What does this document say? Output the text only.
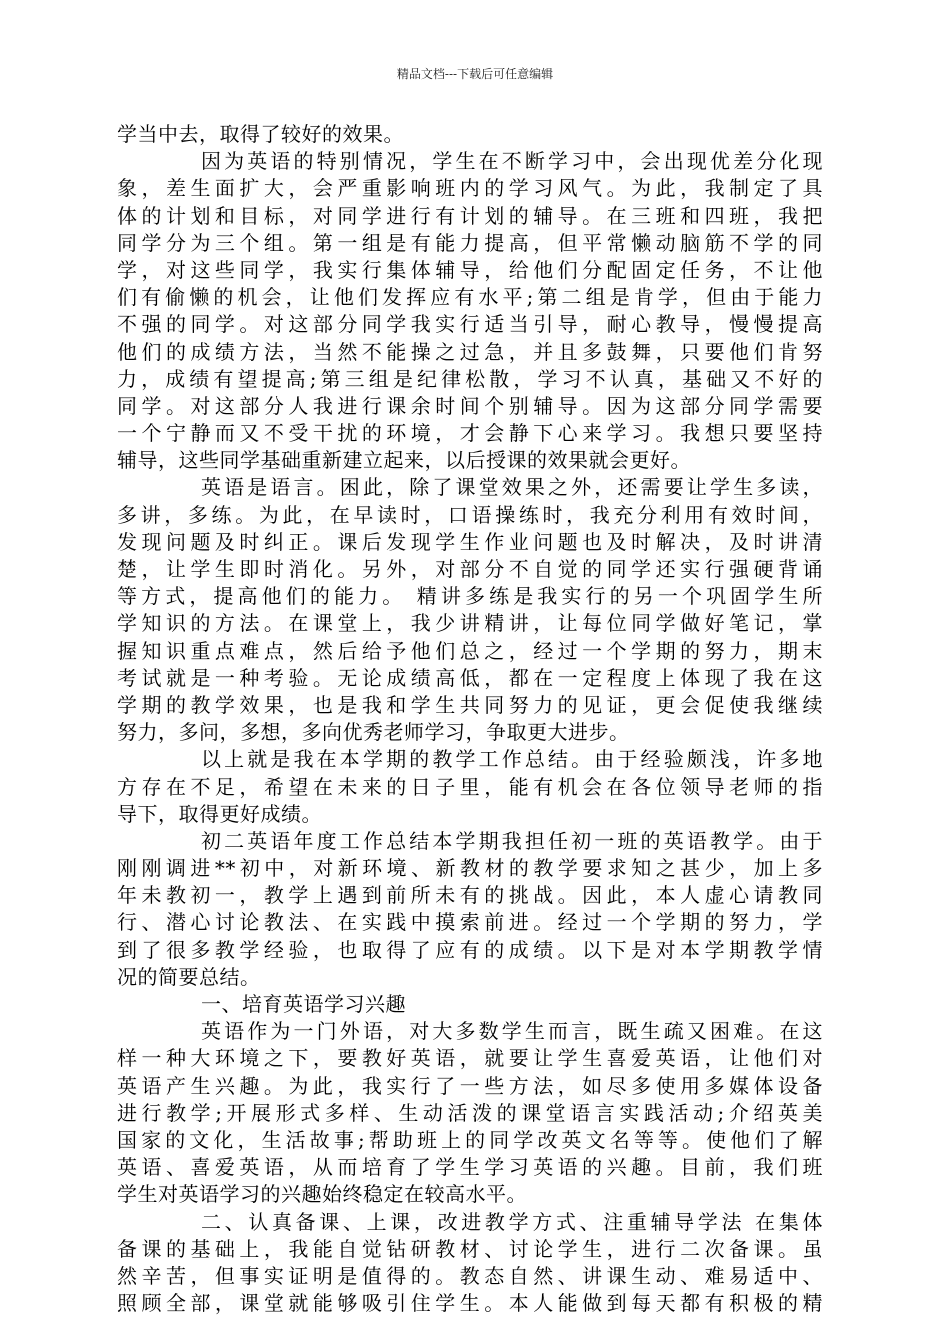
精品文档---下载后可任意编辑
学当中去，取得了较好的效果。
因为英语的特别情况，学生在不断学习中，会出现优差分化现
象，差生面扩大，会严重影响班内的学习风气。为此，我制定了具
体的计划和目标，对同学进行有计划的辅导。在三班和四班，我把
同学分为三个组。第一组是有能力提高，但平常懒动脑筋不学的同
学，对这些同学，我实行集体辅导，给他们分配固定任务，不让他
们有偷懒的机会，让他们发挥应有水平;第二组是肯学，但由于能力
不强的同学。对这部分同学我实行适当引导，耐心教导，慢慢提高
他们的成绩方法，当然不能操之过急，并且多鼓舞，只要他们肯努
力，成绩有望提高;第三组是纪律松散，学习不认真，基础又不好的
同学。对这部分人我进行课余时间个别辅导。因为这部分同学需要
一个宁静而又不受干扰的环境，才会静下心来学习。我想只要坚持
辅导，这些同学基础重新建立起来，以后授课的效果就会更好。
英语是语言。困此，除了课堂效果之外，还需要让学生多读，
多讲，多练。为此，在早读时，口语操练时，我充分利用有效时间，
发现问题及时纠正。课后发现学生作业问题也及时解决，及时讲清
楚，让学生即时消化。另外，对部分不自觉的同学还实行强硬背诵
等方式，提高他们的能力。 精讲多练是我实行的另一个巩固学生所
学知识的方法。在课堂上，我少讲精讲，让每位同学做好笔记，掌
握知识重点难点，然后给予他们总之，经过一个学期的努力，期末
考试就是一种考验。无论成绩高低，都在一定程度上体现了我在这
学期的教学效果，也是我和学生共同努力的见证，更会促使我继续
努力，多问，多想，多向优秀老师学习，争取更大进步。
以上就是我在本学期的教学工作总结。由于经验颇浅，许多地
方存在不足，希望在未来的日子里，能有机会在各位领导老师的指
导下，取得更好成绩。
初二英语年度工作总结本学期我担任初一班的英语教学。由于
刚刚调进**初中，对新环境、新教材的教学要求知之甚少，加上多
年未教初一，教学上遇到前所未有的挑战。因此，本人虚心请教同
行、潜心讨论教法、在实践中摸索前进。经过一个学期的努力，学
到了很多教学经验，也取得了应有的成绩。以下是对本学期教学情
况的简要总结。
一、培育英语学习兴趣
英语作为一门外语，对大多数学生而言，既生疏又困难。在这
样一种大环境之下，要教好英语，就要让学生喜爱英语，让他们对
英语产生兴趣。为此，我实行了一些方法，如尽多使用多媒体设备
进行教学;开展形式多样、生动活泼的课堂语言实践活动;介绍英美
国家的文化，生活故事;帮助班上的同学改英文名等等。使他们了解
英语、喜爱英语，从而培育了学生学习英语的兴趣。目前，我们班
学生对英语学习的兴趣始终稳定在较高水平。
二、认真备课、上课，改进教学方式、注重辅导学法 在集体
备课的基础上，我能自觉钻研教材、讨论学生，进行二次备课。虽
然辛苦，但事实证明是值得的。教态自然、讲课生动、难易适中、
照顾全部，课堂就能够吸引住学生。本人能做到每天都有积极的精
